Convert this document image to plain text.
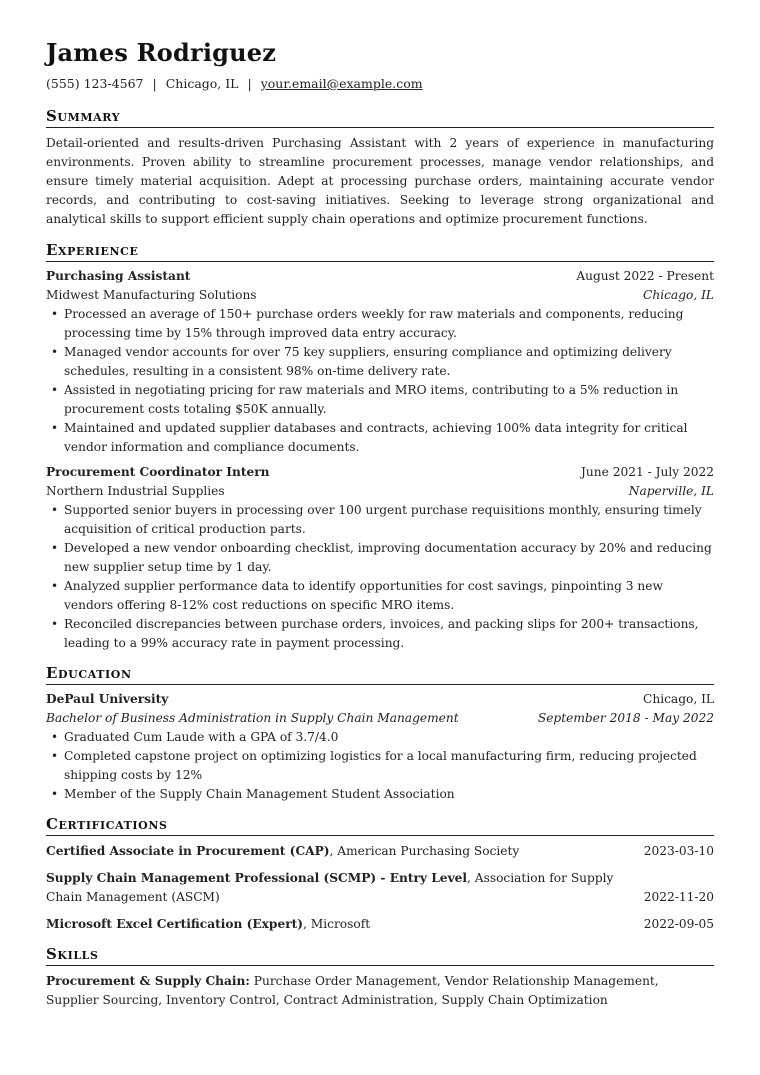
James Rodriguez
(555) 123-4567 | Chicago, IL | your.email@example.com
Summary
Detail-oriented and results-driven Purchasing Assistant with 2 years of experience in manufacturing environments. Proven ability to streamline procurement processes, manage vendor relationships, and ensure timely material acquisition. Adept at processing purchase orders, maintaining accurate vendor records, and contributing to cost-saving initiatives. Seeking to leverage strong organizational and analytical skills to support efficient supply chain operations and optimize procurement functions.
Experience
Purchasing Assistant	August 2022 - Present
Midwest Manufacturing Solutions	Chicago, IL
• Processed an average of 150+ purchase orders weekly for raw materials and components, reducing processing time by 15% through improved data entry accuracy.
• Managed vendor accounts for over 75 key suppliers, ensuring compliance and optimizing delivery schedules, resulting in a consistent 98% on-time delivery rate.
• Assisted in negotiating pricing for raw materials and MRO items, contributing to a 5% reduction in procurement costs totaling $50K annually.
• Maintained and updated supplier databases and contracts, achieving 100% data integrity for critical vendor information and compliance documents.
Procurement Coordinator Intern	June 2021 - July 2022
Northern Industrial Supplies	Naperville, IL
• Supported senior buyers in processing over 100 urgent purchase requisitions monthly, ensuring timely acquisition of critical production parts.
• Developed a new vendor onboarding checklist, improving documentation accuracy by 20% and reducing new supplier setup time by 1 day.
• Analyzed supplier performance data to identify opportunities for cost savings, pinpointing 3 new vendors offering 8-12% cost reductions on specific MRO items.
• Reconciled discrepancies between purchase orders, invoices, and packing slips for 200+ transactions, leading to a 99% accuracy rate in payment processing.
Education
DePaul University	Chicago, IL
Bachelor of Business Administration in Supply Chain Management	September 2018 - May 2022
• Graduated Cum Laude with a GPA of 3.7/4.0
• Completed capstone project on optimizing logistics for a local manufacturing firm, reducing projected shipping costs by 12%
• Member of the Supply Chain Management Student Association
Certifications
Certified Associate in Procurement (CAP), American Purchasing Society	2023-03-10
Supply Chain Management Professional (SCMP) - Entry Level, Association for Supply Chain Management (ASCM)	2022-11-20
Microsoft Excel Certification (Expert), Microsoft	2022-09-05
Skills
Procurement & Supply Chain: Purchase Order Management, Vendor Relationship Management, Supplier Sourcing, Inventory Control, Contract Administration, Supply Chain Optimization
